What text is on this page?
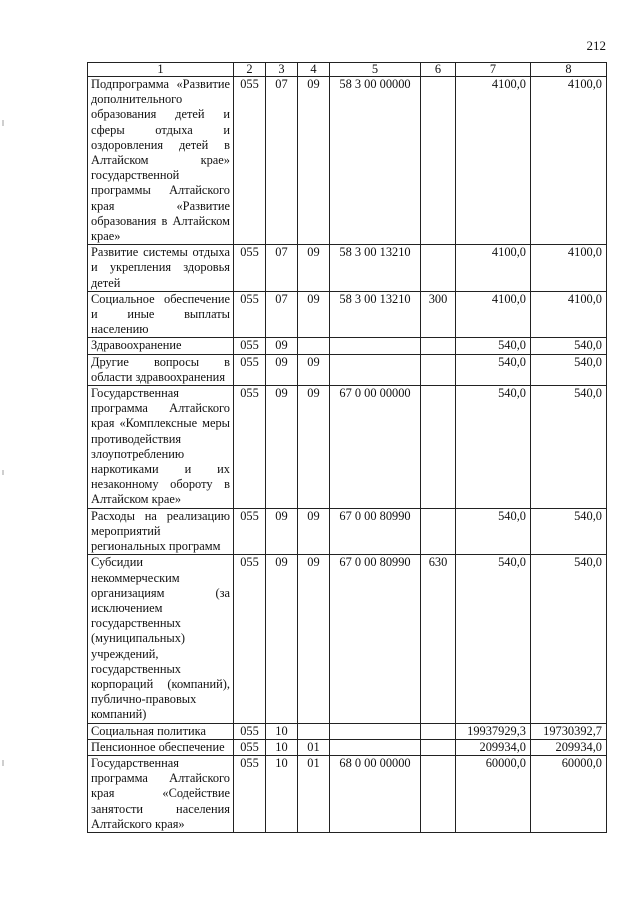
212
1	2	3	4	5	6	7	8
Подпрограмма «Развитие дополнительного образования детей и сферы отдыха и оздоровления детей в Алтайском крае» государственной программы Алтайского края «Развитие образования в Алтайском крае»	055	07	09	58 3 00 00000		4100,0	4100,0
Развитие системы отдыха и укрепления здоровья детей	055	07	09	58 3 00 13210		4100,0	4100,0
Социальное обеспечение и иные выплаты населению	055	07	09	58 3 00 13210	300	4100,0	4100,0
Здравоохранение	055	09				540,0	540,0
Другие вопросы в области здравоохранения	055	09	09			540,0	540,0
Государственная программа Алтайского края «Комплексные меры противодействия злоупотреблению наркотиками и их незаконному обороту в Алтайском крае»	055	09	09	67 0 00 00000		540,0	540,0
Расходы на реализацию мероприятий региональных программ	055	09	09	67 0 00 80990		540,0	540,0
Субсидии некоммерческим организациям (за исключением государственных (муниципальных) учреждений, государственных корпораций (компаний), публично-правовых компаний)	055	09	09	67 0 00 80990	630	540,0	540,0
Социальная политика	055	10				19937929,3	19730392,7
Пенсионное обеспечение	055	10	01			209934,0	209934,0
Государственная программа Алтайского края «Содействие занятости населения Алтайского края»	055	10	01	68 0 00 00000		60000,0	60000,0
